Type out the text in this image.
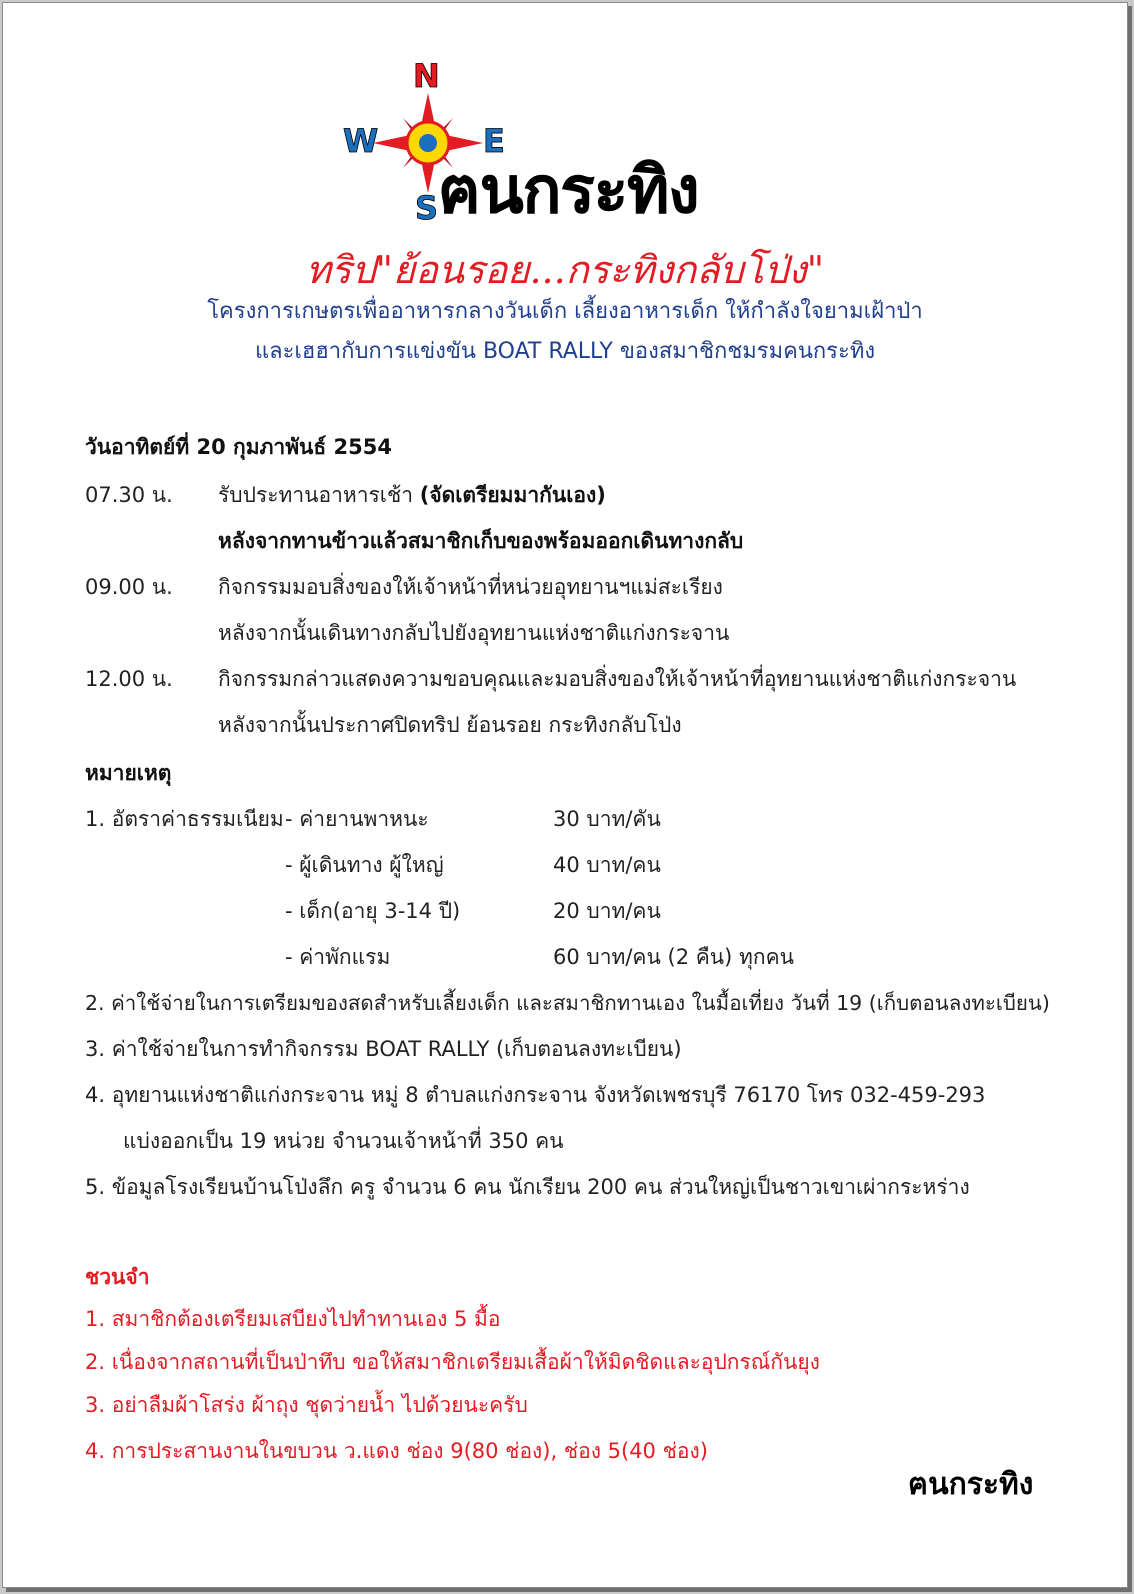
N
W	E
S ฅนกระทิง
ทริป"ย้อนรอย...กระทิงกลับโป่ง"
โครงการเกษตรเพื่ออาหารกลางวันเด็ก เลี้ยงอาหารเด็ก ให้กำลังใจยามเฝ้าป่า
และเฮฮากับการแข่งขัน BOAT RALLY ของสมาชิกชมรมคนกระทิง
วันอาทิตย์ที่ 20 กุมภาพันธ์ 2554
07.30 น. รับประทานอาหารเช้า (จัดเตรียมมากันเอง)
หลังจากทานข้าวแล้วสมาชิกเก็บของพร้อมออกเดินทางกลับ
09.00 น. กิจกรรมมอบสิ่งของให้เจ้าหน้าที่หน่วยอุทยานฯแม่สะเรียง
หลังจากนั้นเดินทางกลับไปยังอุทยานแห่งชาติแก่งกระจาน
12.00 น. กิจกรรมกล่าวแสดงความขอบคุณและมอบสิ่งของให้เจ้าหน้าที่อุทยานแห่งชาติแก่งกระจาน
หลังจากนั้นประกาศปิดทริป ย้อนรอย กระทิงกลับโป่ง
หมายเหตุ
1. อัตราค่าธรรมเนียม - ค่ายานพาหนะ	30 บาท/คัน
- ผู้เดินทาง ผู้ใหญ่	40 บาท/คน
- เด็ก(อายุ 3-14 ปี)	20 บาท/คน
- ค่าพักแรม	60 บาท/คน (2 คืน) ทุกคน
2. ค่าใช้จ่ายในการเตรียมของสดสำหรับเลี้ยงเด็ก และสมาชิกทานเอง ในมื้อเที่ยง วันที่ 19 (เก็บตอนลงทะเบียน)
3. ค่าใช้จ่ายในการทำกิจกรรม BOAT RALLY (เก็บตอนลงทะเบียน)
4. อุทยานแห่งชาติแก่งกระจาน หมู่ 8 ตำบลแก่งกระจาน จังหวัดเพชรบุรี 76170 โทร 032-459-293
แบ่งออกเป็น 19 หน่วย จำนวนเจ้าหน้าที่ 350 คน
5. ข้อมูลโรงเรียนบ้านโป่งลึก ครู จำนวน 6 คน นักเรียน 200 คน ส่วนใหญ่เป็นชาวเขาเผ่ากระหร่าง
ชวนจำ
1. สมาชิกต้องเตรียมเสบียงไปทำทานเอง 5 มื้อ
2. เนื่องจากสถานที่เป็นป่าทึบ ขอให้สมาชิกเตรียมเสื้อผ้าให้มิดชิดและอุปกรณ์กันยุง
3. อย่าลืมผ้าโสร่ง ผ้าถุง ชุดว่ายน้ำ ไปด้วยนะครับ
4. การประสานงานในขบวน ว.แดง ช่อง 9(80 ช่อง), ช่อง 5(40 ช่อง)
ฅนกระทิง
